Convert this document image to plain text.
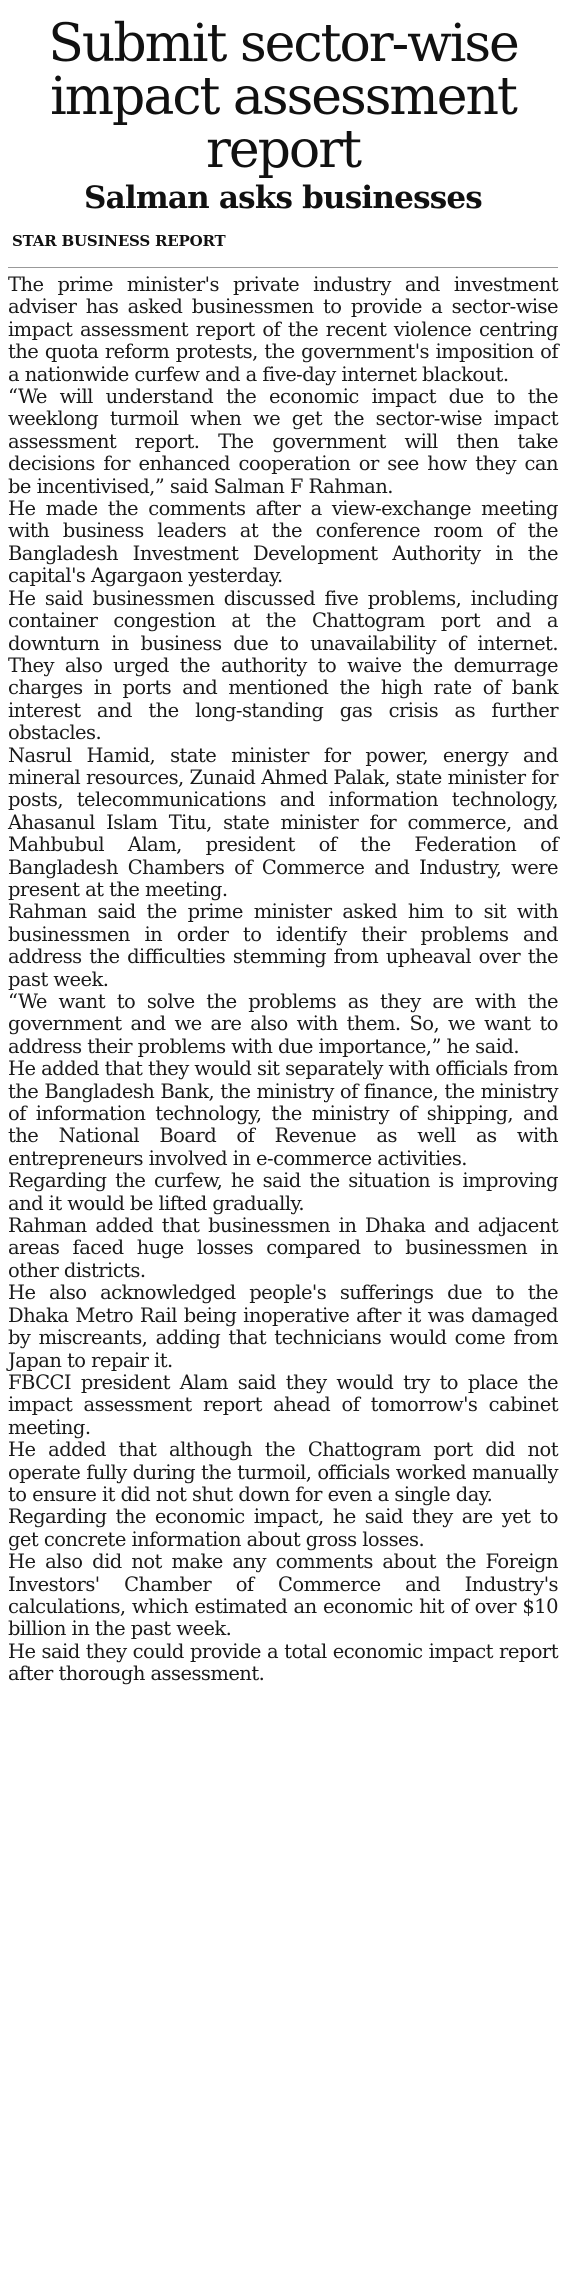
Submit sector-wise impact assessment report
Salman asks businesses
STAR BUSINESS REPORT

The prime minister's private industry and investment adviser has asked businessmen to provide a sector-wise impact assessment report of the recent violence centring the quota reform protests, the government's imposition of a nationwide curfew and a five-day internet blackout.

“We will understand the economic impact due to the weeklong turmoil when we get the sector-wise impact assessment report. The government will then take decisions for enhanced cooperation or see how they can be incentivised,” said Salman F Rahman.

He made the comments after a view-exchange meeting with business leaders at the conference room of the Bangladesh Investment Development Authority in the capital's Agargaon yesterday.

He said businessmen discussed five problems, including container congestion at the Chattogram port and a downturn in business due to unavailability of internet. They also urged the authority to waive the demurrage charges in ports and mentioned the high rate of bank interest and the long-standing gas crisis as further obstacles.

Nasrul Hamid, state minister for power, energy and mineral resources, Zunaid Ahmed Palak, state minister for posts, telecommunications and information technology, Ahasanul Islam Titu, state minister for commerce, and Mahbubul Alam, president of the Federation of Bangladesh Chambers of Commerce and Industry, were present at the meeting.

Rahman said the prime minister asked him to sit with businessmen in order to identify their problems and address the difficulties stemming from upheaval over the past week.

“We want to solve the problems as they are with the government and we are also with them. So, we want to address their problems with due importance,” he said.

He added that they would sit separately with officials from the Bangladesh Bank, the ministry of finance, the ministry of information technology, the ministry of shipping, and the National Board of Revenue as well as with entrepreneurs involved in e-commerce activities.

Regarding the curfew, he said the situation is improving and it would be lifted gradually.

Rahman added that businessmen in Dhaka and adjacent areas faced huge losses compared to businessmen in other districts.

He also acknowledged people's sufferings due to the Dhaka Metro Rail being inoperative after it was damaged by miscreants, adding that technicians would come from Japan to repair it.

FBCCI president Alam said they would try to place the impact assessment report ahead of tomorrow's cabinet meeting.

He added that although the Chattogram port did not operate fully during the turmoil, officials worked manually to ensure it did not shut down for even a single day.

Regarding the economic impact, he said they are yet to get concrete information about gross losses.

He also did not make any comments about the Foreign Investors' Chamber of Commerce and Industry's calculations, which estimated an economic hit of over $10 billion in the past week.

He said they could provide a total economic impact report after thorough assessment.
